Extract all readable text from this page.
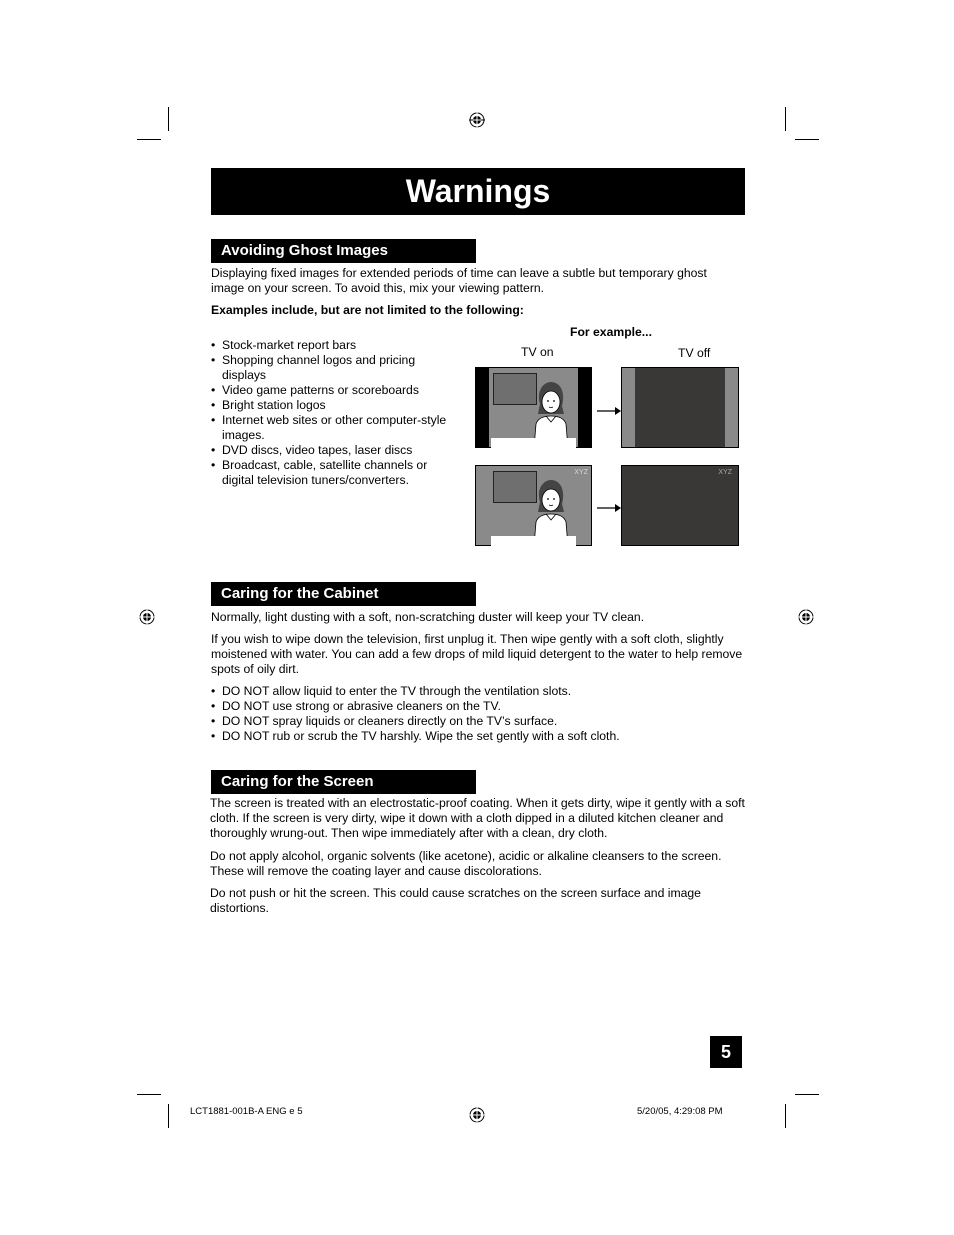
Warnings
Avoiding Ghost Images

Displaying fixed images for extended periods of time can leave a subtle but temporary ghost image on your screen. To avoid this, mix your viewing pattern.

Examples include, but are not limited to the following:

• Stock-market report bars
• Shopping channel logos and pricing displays
• Video game patterns or scoreboards
• Bright station logos
• Internet web sites or other computer-style images.
• DVD discs, video tapes, laser discs
• Broadcast, cable, satellite channels or digital television tuners/converters.
For example...
TV on	TV off
XYZ	XYZ
Caring for the Cabinet

Normally, light dusting with a soft, non-scratching duster will keep your TV clean.

If you wish to wipe down the television, first unplug it. Then wipe gently with a soft cloth, slightly moistened with water. You can add a few drops of mild liquid detergent to the water to help remove spots of oily dirt.

• DO NOT allow liquid to enter the TV through the ventilation slots.
• DO NOT use strong or abrasive cleaners on the TV.
• DO NOT spray liquids or cleaners directly on the TV’s surface.
• DO NOT rub or scrub the TV harshly. Wipe the set gently with a soft cloth.
Caring for the Screen

The screen is treated with an electrostatic-proof coating. When it gets dirty, wipe it gently with a soft cloth. If the screen is very dirty, wipe it down with a cloth dipped in a diluted kitchen cleaner and thoroughly wrung-out. Then wipe immediately after with a clean, dry cloth.

Do not apply alcohol, organic solvents (like acetone), acidic or alkaline cleansers to the screen. These will remove the coating layer and cause discolorations.

Do not push or hit the screen. This could cause scratches on the screen surface and image distortions.

5
LCT1881-001B-A ENG e 5	5/20/05, 4:29:08 PM
